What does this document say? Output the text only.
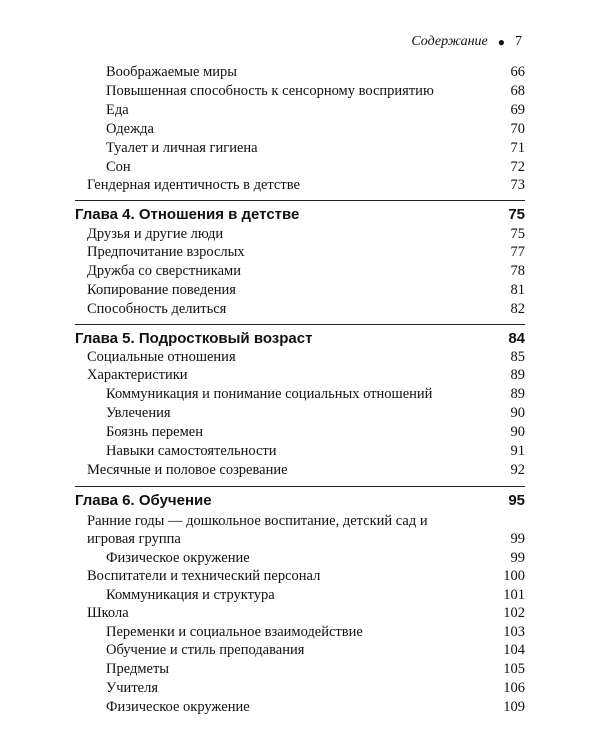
Содержание ● 7
Воображаемые миры	66
Повышенная способность к сенсорному восприятию	68
Еда	69
Одежда	70
Туалет и личная гигиена	71
Сон	72
Гендерная идентичность в детстве	73
Глава 4. Отношения в детстве	75
Друзья и другие люди	75
Предпочитание взрослых	77
Дружба со сверстниками	78
Копирование поведения	81
Способность делиться	82
Глава 5. Подростковый возраст	84
Социальные отношения	85
Характеристики	89
Коммуникация и понимание социальных отношений	89
Увлечения	90
Боязнь перемен	90
Навыки самостоятельности	91
Месячные и половое созревание	92
Глава 6. Обучение	95
Ранние годы — дошкольное воспитание, детский сад и игровая группа	99
Физическое окружение	99
Воспитатели и технический персонал	100
Коммуникация и структура	101
Школа	102
Переменки и социальное взаимодействие	103
Обучение и стиль преподавания	104
Предметы	105
Учителя	106
Физическое окружение	109
